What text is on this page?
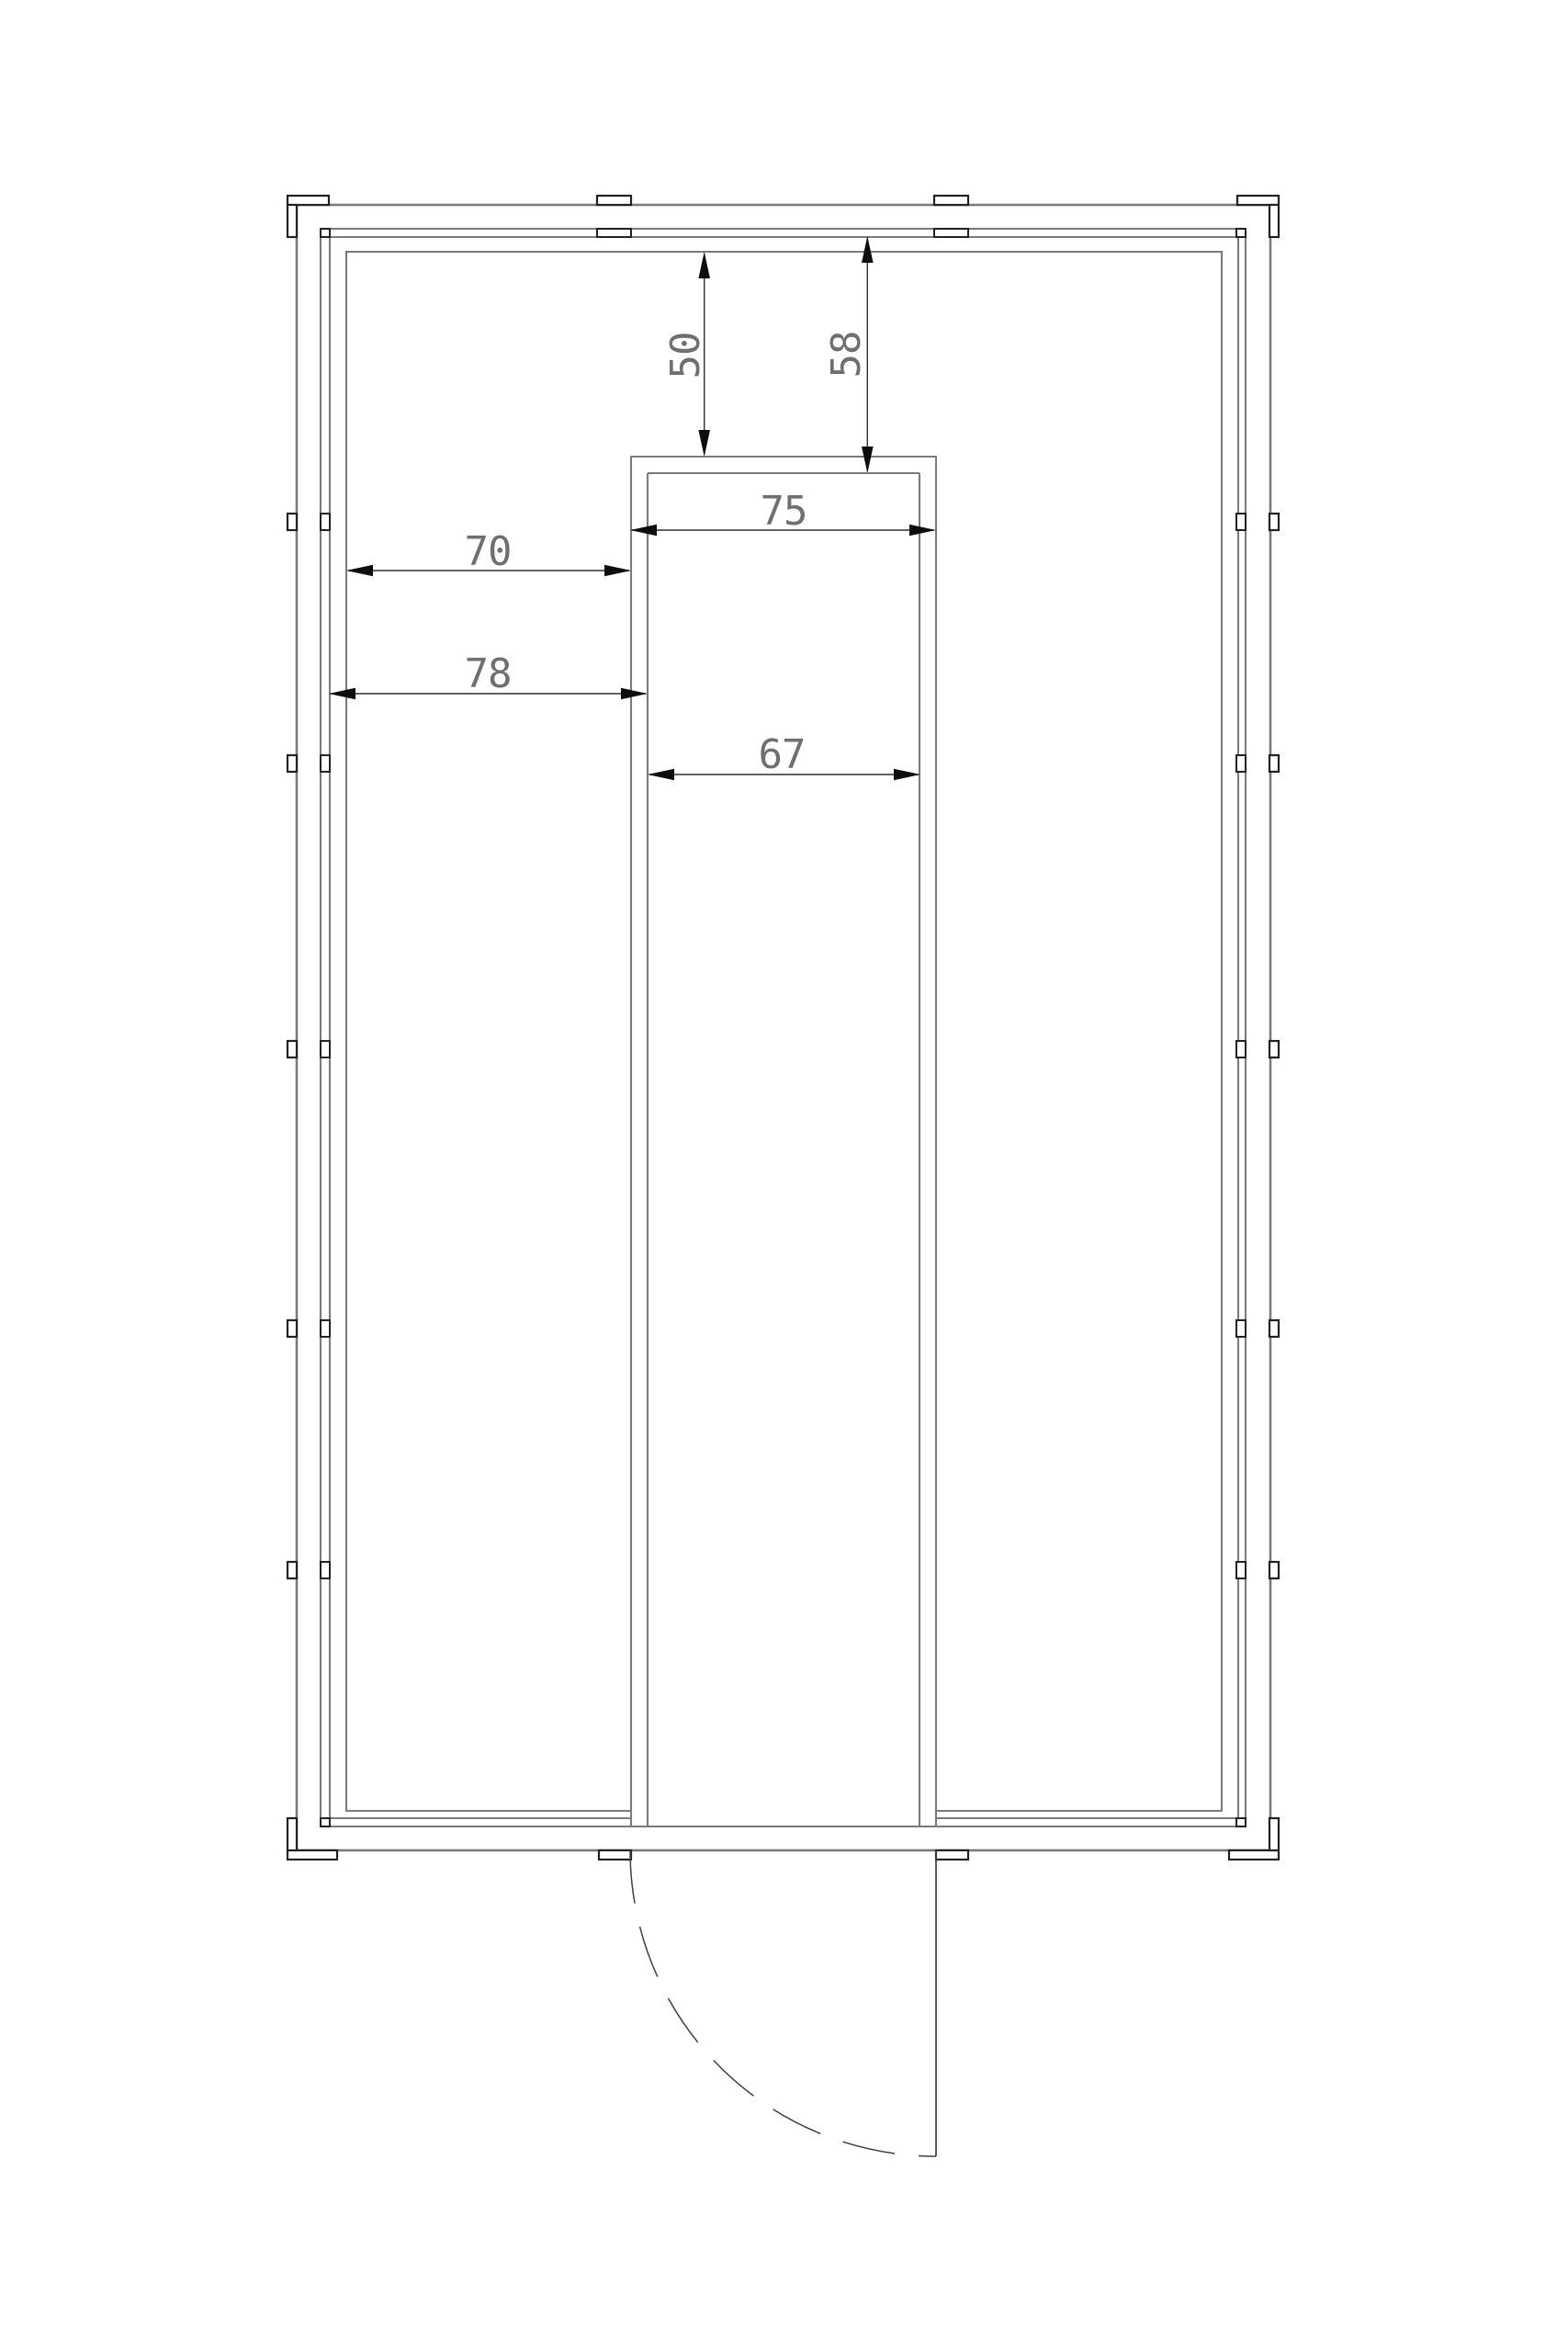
50	58
75
70
78
67
